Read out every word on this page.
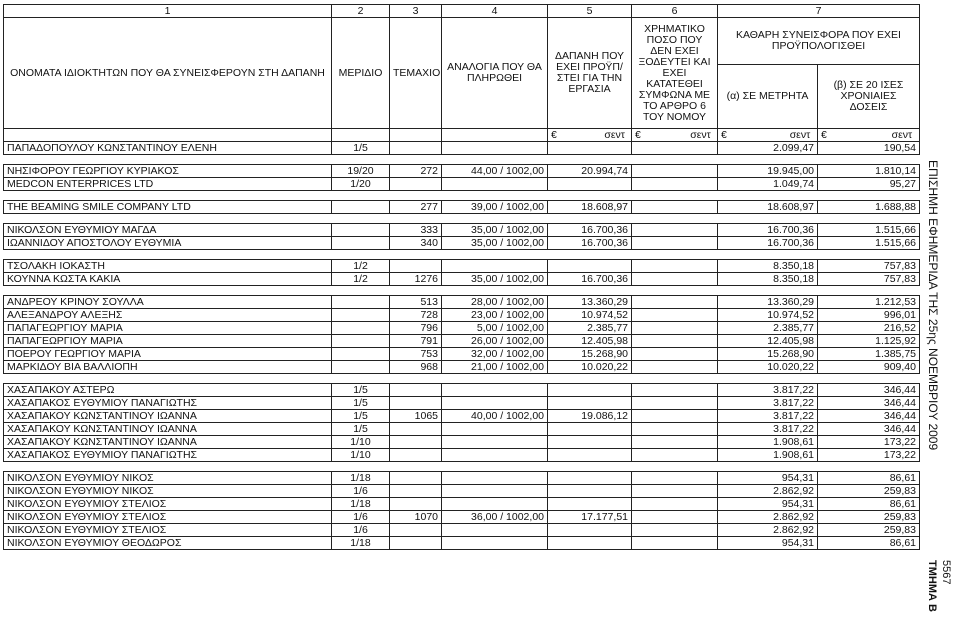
1	2	3	4	5	6	7	
ΟΝΟΜΑΤΑ ΙΔΙΟΚΤΗΤΩΝ ΠΟΥ ΘΑ ΣΥΝΕΙΣΦΕΡΟΥΝ ΣΤΗ ΔΑΠΑΝΗ	ΜΕΡΙΔΙΟ	ΤΕΜΑΧΙΟ	ΑΝΑΛΟΓΙΑ ΠΟΥ ΘΑ ΠΛΗΡΩΘΕΙ	ΔΑΠΑΝΗ ΠΟΥ ΕΧΕΙ ΠΡΟΫΠ/ΣΤΕΙ ΓΙΑ ΤΗΝ ΕΡΓΑΣΙΑ	ΧΡΗΜΑΤΙΚΟ ΠΟΣΟ ΠΟΥ ΔΕΝ ΕΧΕΙ ΞΟΔΕΥΤΕΙ ΚΑΙ ΕΧΕΙ ΚΑΤΑΤΕΘΕΙ ΣΥΜΦΩΝΑ ΜΕ ΤΟ ΑΡΘΡΟ 6 ΤΟΥ ΝΟΜΟΥ	ΚΑΘΑΡΗ ΣΥΝΕΙΣΦΟΡΑ ΠΟΥ ΕΧΕΙ ΠΡΟΫΠΟΛΟΓΙΣΘΕΙ	
						(α) ΣΕ ΜΕΤΡΗΤΑ	(β) ΣΕ 20 ΙΣΕΣ ΧΡΟΝΙΑΙΕΣ ΔΟΣΕΙΣ
				€ σεντ	€ σεντ	€ σεντ	€ σεντ
ΠΑΠΑΔΟΠΟΥΛΟΥ ΚΩΝΣΤΑΝΤΙΝΟΥ ΕΛΕΝΗ	1/5					2.099,47	190,54

ΝΗΣΙΦΟΡΟΥ ΓΕΩΡΓΙΟΥ ΚΥΡΙΑΚΟΣ	19/20	272	44,00 / 1002,00	20.994,74		19.945,00	1.810,14
MEDCON ENTERPRICES LTD	1/20					1.049,74	95,27

THE BEAMING SMILE COMPANY LTD		277	39,00 / 1002,00	18.608,97		18.608,97	1.688,88

ΝΙΚΟΛΣΟΝ ΕΥΘΥΜΙΟΥ ΜΑΓΔΑ		333	35,00 / 1002,00	16.700,36		16.700,36	1.515,66
ΙΩΑΝΝΙΔΟΥ ΑΠΟΣΤΟΛΟΥ ΕΥΘΥΜΙΑ		340	35,00 / 1002,00	16.700,36		16.700,36	1.515,66

ΤΣΟΛΑΚΗ ΙΟΚΑΣΤΗ	1/2					8.350,18	757,83
ΚΟΥΝΝΑ ΚΩΣΤΑ ΚΑΚΙΑ	1/2	1276	35,00 / 1002,00	16.700,36		8.350,18	757,83

ΑΝΔΡΕΟΥ ΚΡΙΝΟΥ ΣΟΥΛΛΑ		513	28,00 / 1002,00	13.360,29		13.360,29	1.212,53
ΑΛΕΞΑΝΔΡΟΥ ΑΛΕΞΗΣ		728	23,00 / 1002,00	10.974,52		10.974,52	996,01
ΠΑΠΑΓΕΩΡΓΙΟΥ ΜΑΡΙΑ		796	5,00 / 1002,00	2.385,77		2.385,77	216,52
ΠΑΠΑΓΕΩΡΓΙΟΥ ΜΑΡΙΑ		791	26,00 / 1002,00	12.405,98		12.405,98	1.125,92
ΠΟΕΡΟΥ ΓΕΩΡΓΙΟΥ ΜΑΡΙΑ		753	32,00 / 1002,00	15.268,90		15.268,90	1.385,75
ΜΑΡΚΙΔΟΥ ΒΙΑ ΒΑΛΛΙΟΠΗ		968	21,00 / 1002,00	10.020,22		10.020,22	909,40

ΧΑΣΑΠΑΚΟΥ ΑΣΤΕΡΩ	1/5					3.817,22	346,44
ΧΑΣΑΠΑΚΟΣ ΕΥΘΥΜΙΟΥ ΠΑΝΑΓΙΩΤΗΣ	1/5					3.817,22	346,44
ΧΑΣΑΠΑΚΟΥ ΚΩΝΣΤΑΝΤΙΝΟΥ ΙΩΑΝΝΑ	1/5	1065	40,00 / 1002,00	19.086,12		3.817,22	346,44
ΧΑΣΑΠΑΚΟΥ ΚΩΝΣΤΑΝΤΙΝΟΥ ΙΩΑΝΝΑ	1/5					3.817,22	346,44
ΧΑΣΑΠΑΚΟΥ ΚΩΝΣΤΑΝΤΙΝΟΥ ΙΩΑΝΝΑ	1/10					1.908,61	173,22
ΧΑΣΑΠΑΚΟΣ ΕΥΘΥΜΙΟΥ ΠΑΝΑΓΙΩΤΗΣ	1/10					1.908,61	173,22

ΝΙΚΟΛΣΟΝ ΕΥΘΥΜΙΟΥ ΝΙΚΟΣ	1/18					954,31	86,61
ΝΙΚΟΛΣΟΝ ΕΥΘΥΜΙΟΥ ΝΙΚΟΣ	1/6					2.862,92	259,83
ΝΙΚΟΛΣΟΝ ΕΥΘΥΜΙΟΥ ΣΤΕΛΙΟΣ	1/18					954,31	86,61
ΝΙΚΟΛΣΟΝ ΕΥΘΥΜΙΟΥ ΣΤΕΛΙΟΣ	1/6	1070	36,00 / 1002,00	17.177,51		2.862,92	259,83
ΝΙΚΟΛΣΟΝ ΕΥΘΥΜΙΟΥ ΣΤΕΛΙΟΣ	1/6					2.862,92	259,83
ΝΙΚΟΛΣΟΝ ΕΥΘΥΜΙΟΥ ΘΕΟΔΩΡΟΣ	1/18					954,31	86,61
ΕΠΙΣΗΜΗ ΕΦΗΜΕΡΙΔΑ ΤΗΣ 25ης ΝΟΕΜΒΡΙΟΥ 2009
ΤΜΗΜΑ Β 5567
